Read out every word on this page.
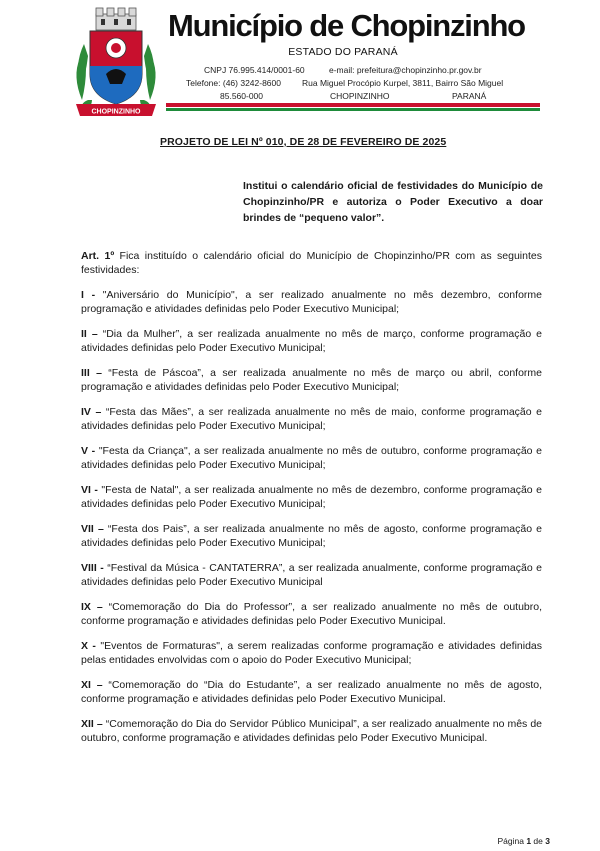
CHOPINZINHO
Município de Chopinzinho
ESTADO DO PARANÁ
CNPJ 76.995.414/0001-60	e-mail: prefeitura@chopinzinho.pr.gov.br
Telefone: (46) 3242-8600 Rua Miguel Procópio Kurpel, 3811, Bairro São Miguel
85.560-000	CHOPINZINHO	PARANÁ
PROJETO DE LEI Nº 010, DE 28 DE FEVEREIRO DE 2025
Institui o calendário oficial de festividades do Município de Chopinzinho/PR e autoriza o Poder Executivo a doar brindes de “pequeno valor”.

Art. 1º Fica instituído o calendário oficial do Município de Chopinzinho/PR com as seguintes festividades:

I - "Aniversário do Município", a ser realizado anualmente no mês dezembro, conforme programação e atividades definidas pelo Poder Executivo Municipal;

II – “Dia da Mulher”, a ser realizada anualmente no mês de março, conforme programação e atividades definidas pelo Poder Executivo Municipal;

III – “Festa de Páscoa”, a ser realizada anualmente no mês de março ou abril, conforme programação e atividades definidas pelo Poder Executivo Municipal;

IV – “Festa das Mães”, a ser realizada anualmente no mês de maio, conforme programação e atividades definidas pelo Poder Executivo Municipal;

V - "Festa da Criança", a ser realizada anualmente no mês de outubro, conforme programação e atividades definidas pelo Poder Executivo Municipal;

VI - "Festa de Natal", a ser realizada anualmente no mês de dezembro, conforme programação e atividades definidas pelo Poder Executivo Municipal;

VII – “Festa dos Pais”, a ser realizada anualmente no mês de agosto, conforme programação e atividades definidas pelo Poder Executivo Municipal;

VIII - “Festival da Música - CANTATERRA”, a ser realizada anualmente, conforme programação e atividades definidas pelo Poder Executivo Municipal

IX – “Comemoração do Dia do Professor”, a ser realizado anualmente no mês de outubro, conforme programação e atividades definidas pelo Poder Executivo Municipal.

X - "Eventos de Formaturas", a serem realizadas conforme programação e atividades definidas pelas entidades envolvidas com o apoio do Poder Executivo Municipal;

XI – “Comemoração do “Dia do Estudante”, a ser realizado anualmente no mês de agosto, conforme programação e atividades definidas pelo Poder Executivo Municipal.

XII – “Comemoração do Dia do Servidor Público Municipal”, a ser realizado anualmente no mês de outubro, conforme programação e atividades definidas pelo Poder Executivo Municipal.

Página 1 de 3
